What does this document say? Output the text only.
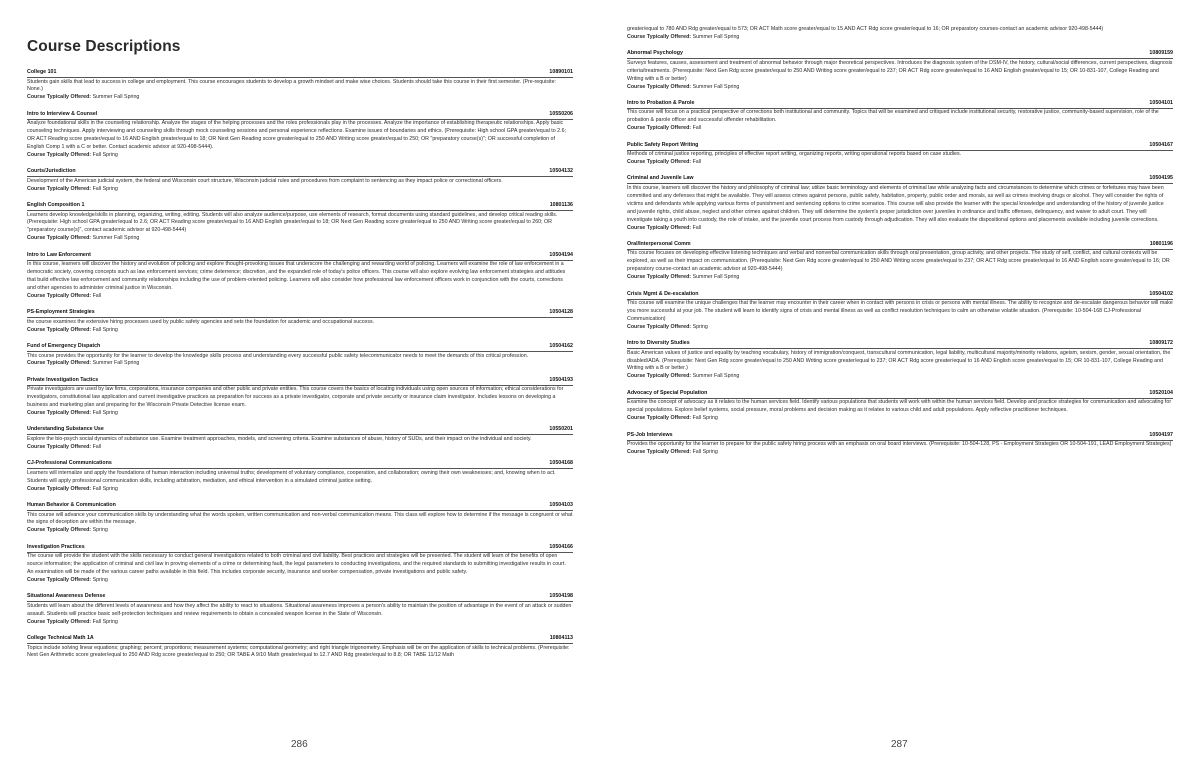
Course Descriptions
College 101	10890101
Students gain skills that lead to success in college and employment. This course encourages students to develop a growth mindset and make wise choices. Students should take this course in their first semester. (Pre-requisite: None.)
Course Typically Offered: Summer Fall Spring
Intro to Interview & Counsel	10550206
Analyze foundational skills in the counseling relationship. Analyze the stages of the helping processes and the roles professionals play in the processes. Analyze the importance of establishing therapeutic relationships. Apply basic counseling techniques. Apply interviewing and counseling skills through mock counseling sessions and personal experience reflections. Examine issues of boundaries and ethics. (Prerequisite: High school GPA greater/equal to 2.6; OR ACT Reading score greater/equal to 16 AND English greater/equal to 18; OR Next Gen Reading score greater/equal to 250 AND Writing score greater/equal to 250; OR "preparatory course(s)"; OR successful completion of English Comp 1 with a C or better. Contact academic advisor at 920-498-5444).
Course Typically Offered: Fall Spring
Courts/Jurisdiction	10504132
Development of the American judicial system, the federal and Wisconsin court structure, Wisconsin judicial rules and procedures from complaint to sentencing as they impact police or correctional officers.
Course Typically Offered: Fall Spring
English Composition 1	10801136
Learners develop knowledge/skills in planning, organizing, writing, editing. Students will also analyze audience/purpose, use elements of research, format documents using standard guidelines, and develop critical reading skills. (Prerequisite: High school GPA greater/equal to 2.6; OR ACT Reading score greater/equal to 16 AND English greater/equal to 18; OR Next Gen Reading score greater/equal to 250 AND Writing score greater/equal to 260; OR "preparatory course(s)", contact academic advisor at 920-498-5444)
Course Typically Offered: Summer Fall Spring
Intro to Law Enforcement	10504194
In this course, learners will discover the history and evolution of policing and explore thought-provoking issues that underscore the challenging and rewarding world of policing. Learners will examine the role of law enforcement in a democratic society, covering concepts such as law enforcement services; crime deterrence; discretion, and the expanded role of today's police officers. This course will also explore evolving law enforcement strategies and attitudes that build effective law enforcement and community relationships including the use of problem-oriented policing. Learners will also consider how professional law enforcement officers work in conjunction with the courts, corrections and other agencies to administer criminal justice in Wisconsin.
Course Typically Offered: Fall
PS-Employment Strategies	10504128
the course examines the extensive hiring processes used by public safety agencies and sets the foundation for academic and occupational success.
Course Typically Offered: Fall Spring
Fund of Emergency Dispatch	10504162
This course provides the opportunity for the learner to develop the knowledge skills process and understanding every successful public safety telecommunicator needs to meet the demands of this critical profession.
Course Typically Offered: Summer Fall Spring
Private Investigation Tactics	10504193
Private investigators are used by law firms, corporations, insurance companies and other public and private entities. This course covers the basics of locating individuals using open sources of information; ethical considerations for investigators, constitutional law application and current investigative practices as preparation for success as a private investigator, corporate and private security or insurance claim investigator. Includes lessons on developing a business and marketing plan and preparing for the Wisconsin Private Detective license exam.
Course Typically Offered: Fall Spring
Understanding Substance Use	10550201
Explore the bio-psych social dynamics of substance use. Examine treatment approaches, models, and screening criteria. Examine substances of abuse, history of SUDs, and their impact on the individual and society.
Course Typically Offered: Fall
CJ-Professional Communications	10504168
Learners will internalize and apply the foundations of human interaction including universal truths; development of voluntary compliance, cooperation, and collaboration; owning their own weaknesses; and, knowing when to act. Students will apply professional communication skills, including arbitration, mediation, and ethical intervention in a simulated criminal justice setting.
Course Typically Offered: Fall Spring
Human Behavior & Communication	10504103
This course will advance your communication skills by understanding what the words spoken, written communication and non-verbal communication means. This class will explore how to determine if the message is congruent or what the signs of deception are within the message.
Course Typically Offered: Spring
Investigation Practices	10504166
The course will provide the student with the skills necessary to conduct general investigations related to both criminal and civil liability. Best practices and strategies will be presented. The student will learn of the benefits of open source information; the application of criminal and civil law in proving elements of a crime or determining fault, the legal parameters to conducting investigations, and the required standards to submitting investigative results in court. An examination will be made of the various career paths available in this field. This includes corporate security, insurance and worker compensation, private investigations and public safety.
Course Typically Offered: Spring
Situational Awareness Defense	10504198
Students will learn about the different levels of awareness and how they affect the ability to react to situations. Situational awareness improves a person's ability to maintain the position of advantage in the event of an attack or sudden assault. Students will practice basic self-protection techniques and review requirements to obtain a concealed weapon license in the State of Wisconsin.
Course Typically Offered: Fall Spring
College Technical Math 1A	10804113
Topics include solving linear equations; graphing; percent; proportions; measurement systems; computational geometry; and right triangle trigonometry. Emphasis will be on the application of skills to technical problems. (Prerequisite: Next Gen Arithmetic score greater/equal to 250 AND Rdg score greater/equal to 250; OR TABE A 9/10 Math greater/equal to 12.7 AND Rdg greater/equal to 8.8; OR TABE 11/12 Math
greater/equal to 780 AND Rdg greater/equal to 573; OR ACT Math score greater/equal to 15 AND ACT Rdg score greater/equal to 16; OR preparatory courses-contact an academic advisor 920-498-5444)
Course Typically Offered: Summer Fall Spring
Abnormal Psychology	10809159
Surveys features, causes, assessment and treatment of abnormal behavior through major theoretical perspectives. Introduces the diagnosis system of the DSM-IV, the history, cultural/social differences, current perspectives, diagnosis criteria/treatments. (Prerequisite: Next Gen Rdg score greater/equal to 250 AND Writing score greater/equal to 237; OR ACT Rdg score greater/equal to 16 AND English greater/equal to 15; OR 10-831-107, College Reading and Writing with a B or better)
Course Typically Offered: Summer Fall Spring
Intro to Probation & Parole	10504101
This course will focus on a practical perspective of corrections both institutional and community. Topics that will be examined and critiqued include institutional security, restorative justice, community-based supervision, role of the probation & parole officer and successful offender rehabilitation.
Course Typically Offered: Fall
Public Safety Report Writing	10504167
Methods of criminal justice reporting, principles of effective report writing, organizing reports, writing operational reports based on case studies.
Course Typically Offered: Fall
Criminal and Juvenile Law	10504195
In this course, learners will discover the history and philosophy of criminal law; utilize basic terminology and elements of criminal law while analyzing facts and circumstances to determine which crimes or forfeitures may have been committed and any defenses that might be available. They will assess crimes against persons, public safety, habitation, property, public order and morals, as well as crimes involving drugs or alcohol. They will consider the rights of victims and defendants while applying various forms of punishment and sentencing options to crime scenarios. This course will also provide the learner with the special knowledge and understanding of the history of juvenile justice and juvenile rights, child abuse, neglect and other crimes against children. They will determine the system's proper jurisdiction over juveniles in ordinance and traffic offenses, delinquency, and waiver to adult court. They will investigate taking a youth into custody, the role of intake, and the juvenile court process from custody through adjudication. They will also evaluate the dispositional options and placements available including juvenile corrections.
Course Typically Offered: Fall
Oral/Interpersonal Comm	10801196
This course focuses on developing effective listening techniques and verbal and nonverbal communication skills through oral presentation, group activity, and other projects. The study of self, conflict, and cultural contexts will be explored, as well as their impact on communication. (Prerequisite: Next Gen Rdg score greater/equal to 250 AND Writing score greater/equal to 237; OR ACT Rdg score greater/equal to 16 AND English score greater/equal to 16; OR preparatory course-contact an academic advisor at 920-498-5444)
Course Typically Offered: Summer Fall Spring
Crisis Mgmt & De-escalation	10504102
This course will examine the unique challenges that the learner may encounter in their career when in contact with persons in crisis or persons with mental illness. The ability to recognize and de-escalate dangerous behavior will make you more successful at your job. The student will learn to identify signs of crisis and mental illness as well as conflict resolution techniques to calm an otherwise volatile situation. (Prerequisite: 10-504-168 CJ-Professional Communication)
Course Typically Offered: Spring
Intro to Diversity Studies	10809172
Basic American values of justice and equality by teaching vocabulary, history of immigration/conquest, transcultural communication, legal liability, multicultural majority/minority relations, ageism, sexism, gender, sexual orientation, the disabled/ADA. (Prerequisite: Next Gen Rdg score greater/equal to 250 AND Writing score greater/equal to 237; OR ACT Rdg score greater/equal to 16 AND English score greater/equal to 15; OR 10-831-107, College Reading and Writing with a B or better.)
Course Typically Offered: Summer Fall Spring
Advocacy of Special Population	10520104
Examine the concept of advocacy as it relates to the human services field. Identify various populations that students will work with within the human services field. Develop and practice strategies for communication and advocating for special populations. Explore belief systems, social pressure, moral problems and decision making as it relates to various child and adult populations. Apply reflective practitioner techniques.
Course Typically Offered: Fall Spring
PS-Job Interviews	10504197
Provides the opportunity for the learner to prepare for the public safety hiring process with an emphasis on oral board interviews. (Prerequisite: 10-504-128, PS - Employment Strategies OR 10-504-191, LEAD Employment Strategies)
Course Typically Offered: Fall Spring
286	287
